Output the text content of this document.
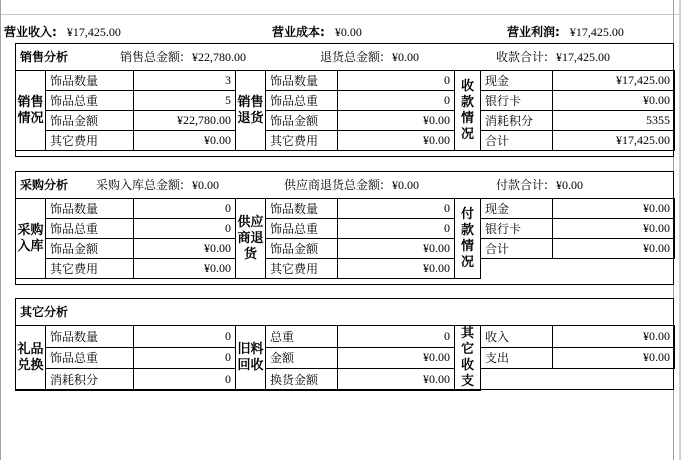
营业收入: ¥17,425.00	营业成本: ¥0.00	营业利润: ¥17,425.00
销售分析	销售总金额: ¥22,780.00	退货总金额: ¥0.00	收款合计: ¥17,425.00
销售情况	饰品数量	3	销售退货	饰品数量	0	收款情况	现金	¥17,425.00
	饰品总重	5		饰品总重	0		银行卡	¥0.00
	饰品金额	¥22,780.00		饰品金额	¥0.00		消耗积分	5355
	其它费用	¥0.00		其它费用	¥0.00		合计	¥17,425.00
采购分析 采购入库总金额: ¥0.00	供应商退货总金额: ¥0.00	付款合计: ¥0.00
采购入库	饰品数量	0	供应商退货	饰品数量	0	付款情况	现金	¥0.00
	饰品总重	0		饰品总重	0		银行卡	¥0.00
	饰品金额	¥0.00		饰品金额	¥0.00		合计	¥0.00
	其它费用	¥0.00		其它费用	¥0.00			
其它分析
礼品兑换	饰品数量	0	旧料回收	总重	0	其它收支	收入	¥0.00
	饰品总重	0		金额	¥0.00		支出	¥0.00
	消耗积分	0		换货金额	¥0.00			
